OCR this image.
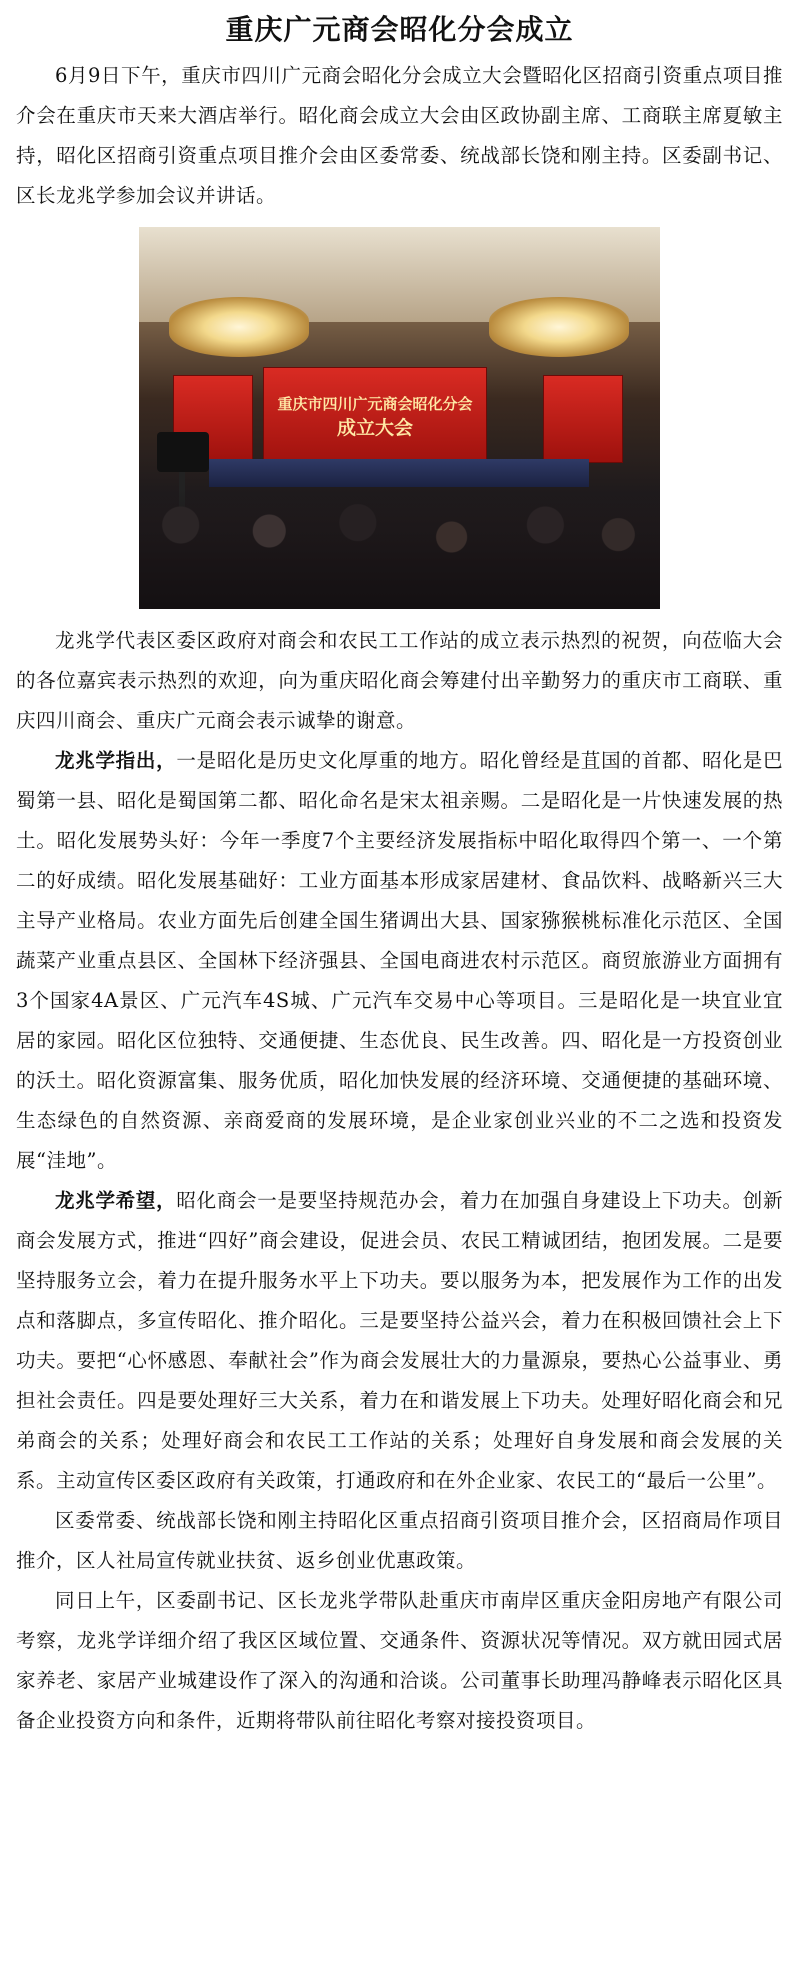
重庆广元商会昭化分会成立

6月9日下午，重庆市四川广元商会昭化分会成立大会暨昭化区招商引资重点项目推介会在重庆市天来大酒店举行。昭化商会成立大会由区政协副主席、工商联主席夏敏主持，昭化区招商引资重点项目推介会由区委常委、统战部长饶和刚主持。区委副书记、区长龙兆学参加会议并讲话。

重庆市四川广元商会昭化分会
成立大会

龙兆学代表区委区政府对商会和农民工工作站的成立表示热烈的祝贺，向莅临大会的各位嘉宾表示热烈的欢迎，向为重庆昭化商会筹建付出辛勤努力的重庆市工商联、重庆四川商会、重庆广元商会表示诚挚的谢意。

龙兆学指出，一是昭化是历史文化厚重的地方。昭化曾经是苴国的首都、昭化是巴蜀第一县、昭化是蜀国第二都、昭化命名是宋太祖亲赐。二是昭化是一片快速发展的热土。昭化发展势头好：今年一季度7个主要经济发展指标中昭化取得四个第一、一个第二的好成绩。昭化发展基础好：工业方面基本形成家居建材、食品饮料、战略新兴三大主导产业格局。农业方面先后创建全国生猪调出大县、国家猕猴桃标准化示范区、全国蔬菜产业重点县区、全国林下经济强县、全国电商进农村示范区。商贸旅游业方面拥有3个国家4A景区、广元汽车4S城、广元汽车交易中心等项目。三是昭化是一块宜业宜居的家园。昭化区位独特、交通便捷、生态优良、民生改善。四、昭化是一方投资创业的沃土。昭化资源富集、服务优质，昭化加快发展的经济环境、交通便捷的基础环境、生态绿色的自然资源、亲商爱商的发展环境，是企业家创业兴业的不二之选和投资发展“洼地”。

龙兆学希望，昭化商会一是要坚持规范办会，着力在加强自身建设上下功夫。创新商会发展方式，推进“四好”商会建设，促进会员、农民工精诚团结，抱团发展。二是要坚持服务立会，着力在提升服务水平上下功夫。要以服务为本，把发展作为工作的出发点和落脚点，多宣传昭化、推介昭化。三是要坚持公益兴会，着力在积极回馈社会上下功夫。要把“心怀感恩、奉献社会”作为商会发展壮大的力量源泉，要热心公益事业、勇担社会责任。四是要处理好三大关系，着力在和谐发展上下功夫。处理好昭化商会和兄弟商会的关系；处理好商会和农民工工作站的关系；处理好自身发展和商会发展的关系。主动宣传区委区政府有关政策，打通政府和在外企业家、农民工的“最后一公里”。

区委常委、统战部长饶和刚主持昭化区重点招商引资项目推介会，区招商局作项目推介，区人社局宣传就业扶贫、返乡创业优惠政策。

同日上午，区委副书记、区长龙兆学带队赴重庆市南岸区重庆金阳房地产有限公司考察，龙兆学详细介绍了我区区域位置、交通条件、资源状况等情况。双方就田园式居家养老、家居产业城建设作了深入的沟通和洽谈。公司董事长助理冯静峰表示昭化区具备企业投资方向和条件，近期将带队前往昭化考察对接投资项目。
